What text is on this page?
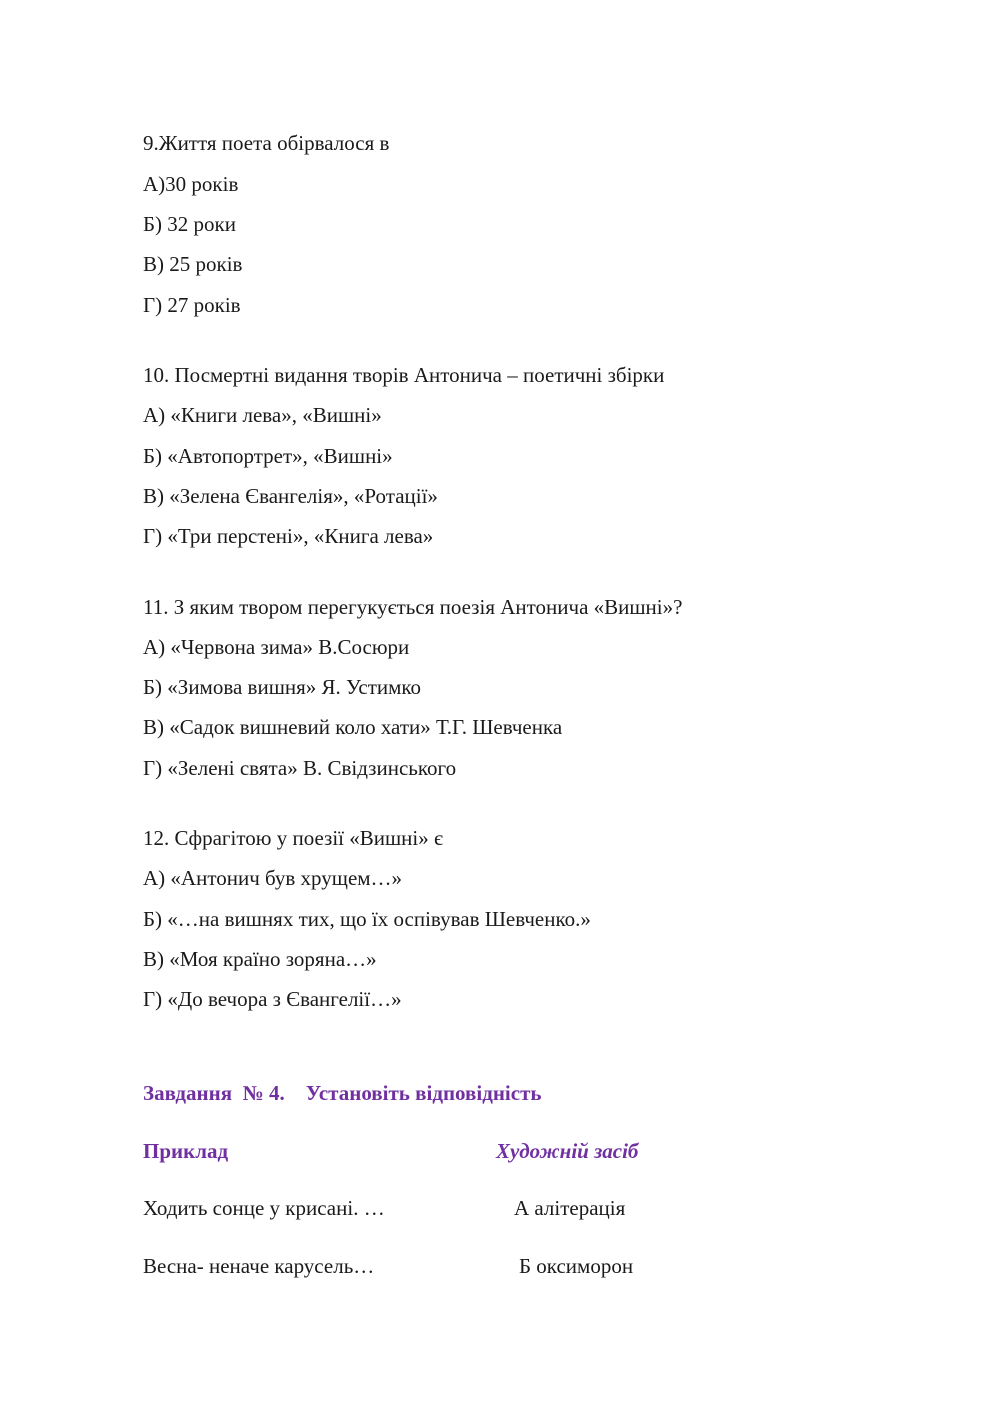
9.Життя поета обірвалося в
А)30 років
Б) 32 роки
В) 25 років
Г) 27 років
10. Посмертні видання творів Антонича – поетичні збірки
А) «Книги лева», «Вишні»
Б) «Автопортрет», «Вишні»
В) «Зелена Євангелія», «Ротації»
Г) «Три перстені», «Книга лева»
11. З яким твором перегукується поезія Антонича «Вишні»?
А) «Червона зима» В.Сосюри
Б) «Зимова вишня» Я. Устимко
В) «Садок вишневий коло хати» Т.Г. Шевченка
Г) «Зелені свята» В. Свідзинського
12. Сфрагітою у поезії «Вишні» є
А) «Антонич був хрущем…»
Б) «…на вишнях тих, що їх оспівував Шевченко.»
В) «Моя країно зоряна…»
Г) «До вечора з Євангелії…»
Завдання  № 4.    Установіть відповідність
Приклад	Художній засіб
Ходить сонце у крисані. …	А алітерація
Весна- неначе карусель…	Б оксиморон
